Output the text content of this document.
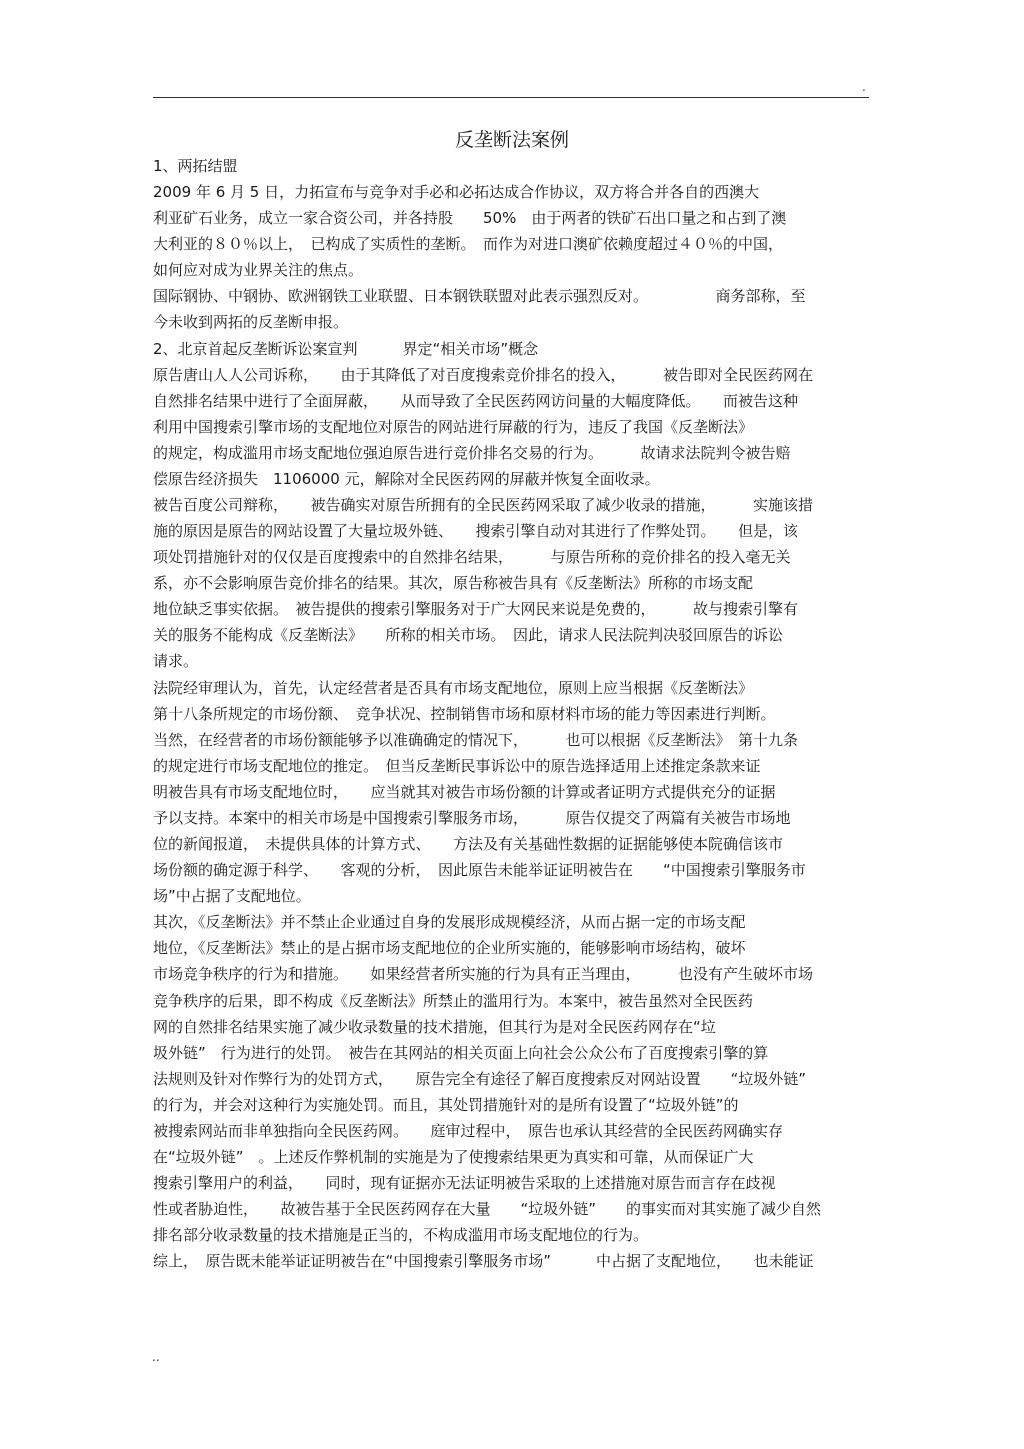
.
反垄断法案例
1、两拓结盟
2009 年 6 月 5 日，力拓宣布与竞争对手必和必拓达成合作协议，双方将合并各自的西澳大
利亚矿石业务，成立一家合资公司，并各持股　　50%　由于两者的铁矿石出口量之和占到了澳
大利亚的８０％以上，　已构成了实质性的垄断。　而作为对进口澳矿依赖度超过４０％的中国，
如何应对成为业界关注的焦点。
国际钢协、中钢协、欧洲钢铁工业联盟、日本钢铁联盟对此表示强烈反对。　　　　　商务部称，至
今未收到两拓的反垄断申报。
2、北京首起反垄断诉讼案宣判　　　界定“相关市场”概念
原告唐山人人公司诉称，　　由于其降低了对百度搜索竞价排名的投入，　　　被告即对全民医药网在
自然排名结果中进行了全面屏蔽，　　从而导致了全民医药网访问量的大幅度降低。　　而被告这种
利用中国搜索引擎市场的支配地位对原告的网站进行屏蔽的行为，违反了我国《反垄断法》
的规定，构成滥用市场支配地位强迫原告进行竞价排名交易的行为。　　　故请求法院判令被告赔
偿原告经济损失　1106000 元，解除对全民医药网的屏蔽并恢复全面收录。
被告百度公司辩称，　　被告确实对原告所拥有的全民医药网采取了减少收录的措施，　　　实施该措
施的原因是原告的网站设置了大量垃圾外链、　　搜索引擎自动对其进行了作弊处罚。　　但是，该
项处罚措施针对的仅仅是百度搜索中的自然排名结果，　　　与原告所称的竞价排名的投入毫无关
系，亦不会影响原告竞价排名的结果。其次，原告称被告具有《反垄断法》所称的市场支配
地位缺乏事实依据。　被告提供的搜索引擎服务对于广大网民来说是免费的，　　　故与搜索引擎有
关的服务不能构成《反垄断法》　　所称的相关市场。　因此，请求人民法院判决驳回原告的诉讼
请求。
法院经审理认为，首先，认定经营者是否具有市场支配地位，原则上应当根据《反垄断法》
第十八条所规定的市场份额、　竞争状况、控制销售市场和原材料市场的能力等因素进行判断。
当然，在经营者的市场份额能够予以准确确定的情况下，　　　也可以根据《反垄断法》　第十九条
的规定进行市场支配地位的推定。　但当反垄断民事诉讼中的原告选择适用上述推定条款来证
明被告具有市场支配地位时，　　应当就其对被告市场份额的计算或者证明方式提供充分的证据
予以支持。本案中的相关市场是中国搜索引擎服务市场，　　　原告仅提交了两篇有关被告市场地
位的新闻报道，　未提供具体的计算方式、　　方法及有关基础性数据的证据能够使本院确信该市
场份额的确定源于科学、　　客观的分析，　因此原告未能举证证明被告在　　“中国搜索引擎服务市
场”中占据了支配地位。
其次，《反垄断法》并不禁止企业通过自身的发展形成规模经济，从而占据一定的市场支配
地位，《反垄断法》禁止的是占据市场支配地位的企业所实施的，能够影响市场结构，破坏
市场竞争秩序的行为和措施。　　如果经营者所实施的行为具有正当理由，　　　也没有产生破坏市场
竞争秩序的后果，即不构成《反垄断法》所禁止的滥用行为。本案中，被告虽然对全民医药
网的自然排名结果实施了减少收录数量的技术措施，但其行为是对全民医药网存在“垃
圾外链”　行为进行的处罚。　被告在其网站的相关页面上向社会公众公布了百度搜索引擎的算
法规则及针对作弊行为的处罚方式，　　原告完全有途径了解百度搜索反对网站设置　　“垃圾外链”
的行为，并会对这种行为实施处罚。而且，其处罚措施针对的是所有设置了“垃圾外链”的
被搜索网站而非单独指向全民医药网。　　庭审过程中，　原告也承认其经营的全民医药网确实存
在“垃圾外链”　。上述反作弊机制的实施是为了使搜索结果更为真实和可靠，从而保证广大
搜索引擎用户的利益，　　同时，现有证据亦无法证明被告采取的上述措施对原告而言存在歧视
性或者胁迫性，　　故被告基于全民医药网存在大量　　“垃圾外链”　　的事实而对其实施了减少自然
排名部分收录数量的技术措施是正当的，不构成滥用市场支配地位的行为。
综上，　原告既未能举证证明被告在“中国搜索引擎服务市场”　　　中占据了支配地位，　　也未能证
..
